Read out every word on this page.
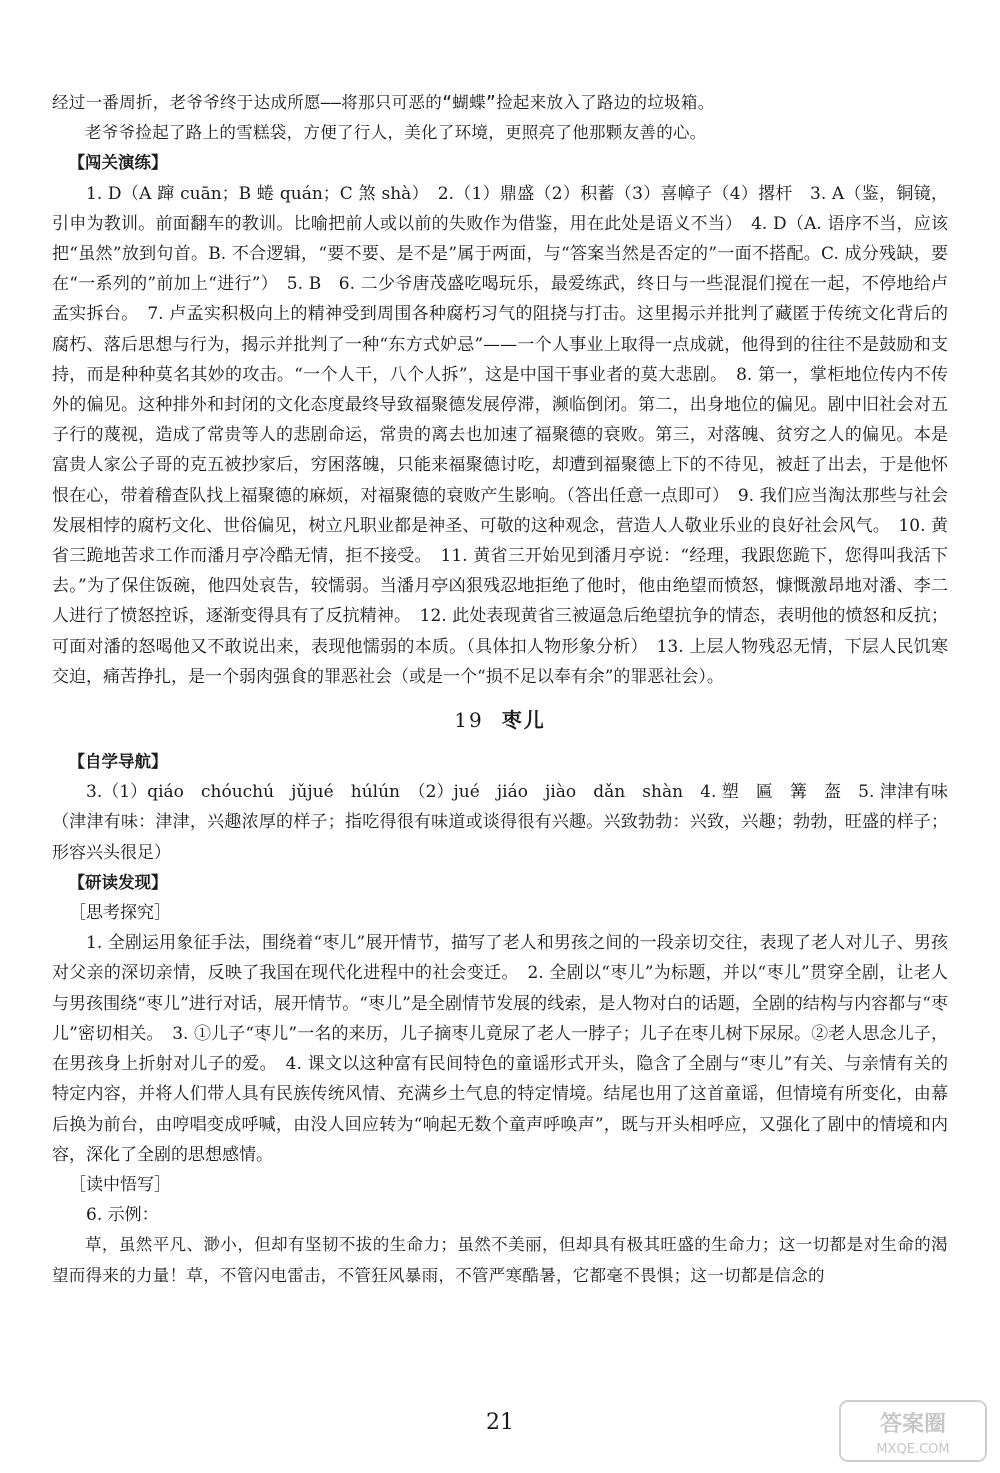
经过一番周折，老爷爷终于达成所愿——将那只可恶的“蝴蝶”捡起来放入了路边的垃圾箱。

老爷爷捡起了路上的雪糕袋，方便了行人，美化了环境，更照亮了他那颗友善的心。

【闯关演练】

1. D（A 蹿 cuān；B 蜷 quán；C 煞 shà）　2.（1）鼎盛（2）积蓄（3）喜幛子（4）撂杆　3. A（鉴，铜镜，引申为教训。前面翻车的教训。比喻把前人或以前的失败作为借鉴，用在此处是语义不当）　4. D（A. 语序不当，应该把“虽然”放到句首。B. 不合逻辑，“要不要、是不是”属于两面，与“答案当然是否定的”一面不搭配。C. 成分残缺，要在“一系列的”前加上“进行”）　5. B　6. 二少爷唐茂盛吃喝玩乐，最爱练武，终日与一些混混们搅在一起，不停地给卢孟实拆台。　7. 卢孟实积极向上的精神受到周围各种腐朽习气的阻挠与打击。这里揭示并批判了藏匿于传统文化背后的腐朽、落后思想与行为，揭示并批判了一种“东方式妒忌”——一个人事业上取得一点成就，他得到的往往不是鼓励和支持，而是种种莫名其妙的攻击。“一个人干，八个人拆”，这是中国干事业者的莫大悲剧。　8. 第一，掌柜地位传内不传外的偏见。这种排外和封闭的文化态度最终导致福聚德发展停滞，濒临倒闭。第二，出身地位的偏见。剧中旧社会对五子行的蔑视，造成了常贵等人的悲剧命运，常贵的离去也加速了福聚德的衰败。第三，对落魄、贫穷之人的偏见。本是富贵人家公子哥的克五被抄家后，穷困落魄，只能来福聚德讨吃，却遭到福聚德上下的不待见，被赶了出去，于是他怀恨在心，带着稽查队找上福聚德的麻烦，对福聚德的衰败产生影响。（答出任意一点即可）　9. 我们应当淘汰那些与社会发展相悖的腐朽文化、世俗偏见，树立凡职业都是神圣、可敬的这种观念，营造人人敬业乐业的良好社会风气。　10. 黄省三跪地苦求工作而潘月亭冷酷无情，拒不接受。　11. 黄省三开始见到潘月亭说：“经理，我跟您跪下，您得叫我活下去。”为了保住饭碗，他四处哀告，较懦弱。当潘月亭凶狠残忍地拒绝了他时，他由绝望而愤怒，慷慨激昂地对潘、李二人进行了愤怒控诉，逐渐变得具有了反抗精神。　12. 此处表现黄省三被逼急后绝望抗争的情态，表明他的愤怒和反抗；可面对潘的怒喝他又不敢说出来，表现他懦弱的本质。（具体扣人物形象分析）　13. 上层人物残忍无情，下层人民饥寒交迫，痛苦挣扎，是一个弱肉强食的罪恶社会（或是一个“损不足以奉有余”的罪恶社会）。

19 枣儿

【自学导航】

3.（1）qiáo　chóuchú　jǔjué　húlún　（2）jué　jiáo　jiào　dǎn　shàn　4. 塑　匾　篝　盔　5. 津津有味（津津有味：津津，兴趣浓厚的样子；指吃得很有味道或谈得很有兴趣。兴致勃勃：兴致，兴趣；勃勃，旺盛的样子；形容兴头很足）

【研读发现】

［思考探究］

1. 全剧运用象征手法，围绕着“枣儿”展开情节，描写了老人和男孩之间的一段亲切交往，表现了老人对儿子、男孩对父亲的深切亲情，反映了我国在现代化进程中的社会变迁。　2. 全剧以“枣儿”为标题，并以“枣儿”贯穿全剧，让老人与男孩围绕“枣儿”进行对话，展开情节。“枣儿”是全剧情节发展的线索，是人物对白的话题，全剧的结构与内容都与“枣儿”密切相关。　3. ①儿子“枣儿”一名的来历，儿子摘枣儿竟尿了老人一脖子；儿子在枣儿树下尿尿。②老人思念儿子，在男孩身上折射对儿子的爱。　4. 课文以这种富有民间特色的童谣形式开头，隐含了全剧与“枣儿”有关、与亲情有关的特定内容，并将人们带人具有民族传统风情、充满乡土气息的特定情境。结尾也用了这首童谣，但情境有所变化，由幕后换为前台，由哼唱变成呼喊，由没人回应转为“响起无数个童声呼唤声”，既与开头相呼应，又强化了剧中的情境和内容，深化了全剧的思想感情。

［读中悟写］

6. 示例：

草，虽然平凡、渺小，但却有坚韧不拔的生命力；虽然不美丽，但却具有极其旺盛的生命力；这一切都是对生命的渴望而得来的力量！草，不管闪电雷击，不管狂风暴雨，不管严寒酷暑，它都毫不畏惧；这一切都是信念的

21	答案圈
MXQE.COM
